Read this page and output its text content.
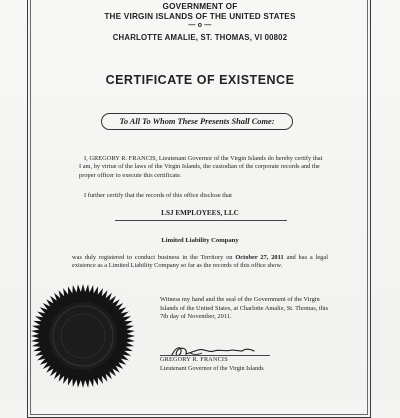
GOVERNMENT OF
THE VIRGIN ISLANDS OF THE UNITED STATES
— o —
CHARLOTTE AMALIE, ST. THOMAS, VI 00802
CERTIFICATE OF EXISTENCE
To All To Whom These Presents Shall Come:
I, GREGORY R. FRANCIS, Lieutenant Governor of the Virgin Islands do hereby certify that I am, by virtue of the laws of the Virgin Islands, the custodian of the corporate records and the proper officer to execute this certificate.
I further certify that the records of this office disclose that
LSJ EMPLOYEES, LLC
Limited Liability Company
was duly registered to conduct business in the Territory on October 27, 2011 and has a legal existence as a Limited Liability Company so far as the records of this office show.
Witness my hand and the seal of the Government of the Virgin Islands of the United States, at Charlotte Amalie, St. Thomas, this 7th day of November, 2011.
GREGORY R. FRANCIS
Lieutenant Governor of the Virgin Islands
